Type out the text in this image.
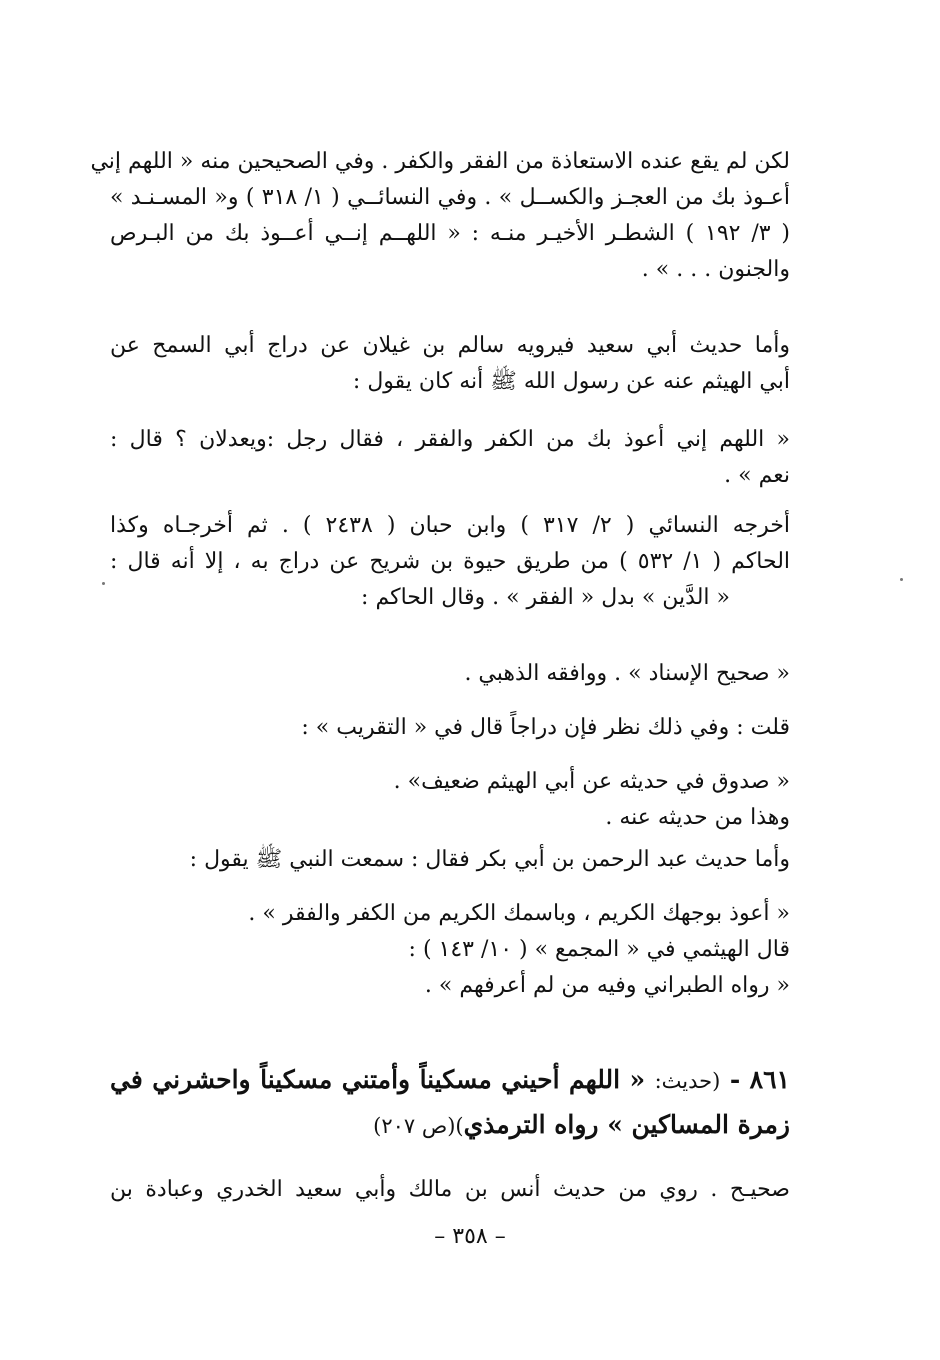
لكن لم يقع عنده الاستعاذة من الفقر والكفر . وفي الصحيحين منه « اللهم إني
أعـوذ بك من العجـز والكســل » . وفي النسائــي ( ١/ ٣١٨ ) و« المسـنـد »
( ٣/ ١٩٢ ) الشطـر الأخيـر منـه : « اللهــم إنــي أعــوذ بك من البـرص
والجنون . . . » .
وأما حديث أبي سعيد فيرويه سالم بن غيلان عن دراج أبي السمح عن
أبي الهيثم عنه عن رسول الله ﷺ أنه كان يقول :
« اللهم إني أعوذ بك من الكفر والفقر ، فقال رجل :ويعدلان ؟ قال :
نعم » .
أخرجه النسائي ( ٢/ ٣١٧ ) وابن حبان ( ٢٤٣٨ ) . ثم أخرجـاه وكذا
الحاكم ( ١/ ٥٣٢ ) من طريق حيوة بن شريح عن دراج به ، إلا أنه قال :
« الدَّين » بدل « الفقر » . وقال الحاكم :
« صحيح الإسناد » . ووافقه الذهبي .
قلت : وفي ذلك نظر فإن دراجاً قال في « التقريب » :
« صدوق في حديثه عن أبي الهيثم ضعيف» .
وهذا من حديثه عنه .
وأما حديث عبد الرحمن بن أبي بكر فقال : سمعت النبي ﷺ يقول :
« أعوذ بوجهك الكريم ، وباسمك الكريم من الكفر والفقر » .
قال الهيثمي في « المجمع » ( ١٠/ ١٤٣ ) :
« رواه الطبراني وفيه من لم أعرفهم » .
٨٦١ - (حديث: « اللهم أحيني مسكيناً وأمتني مسكيناً واحشرني في
زمرة المساكين » رواه الترمذي)(ص ٢٠٧)
صحيـح . روي من حديث أنس بن مالك وأبي سعيد الخدري وعبادة بن
– ٣٥٨ –
